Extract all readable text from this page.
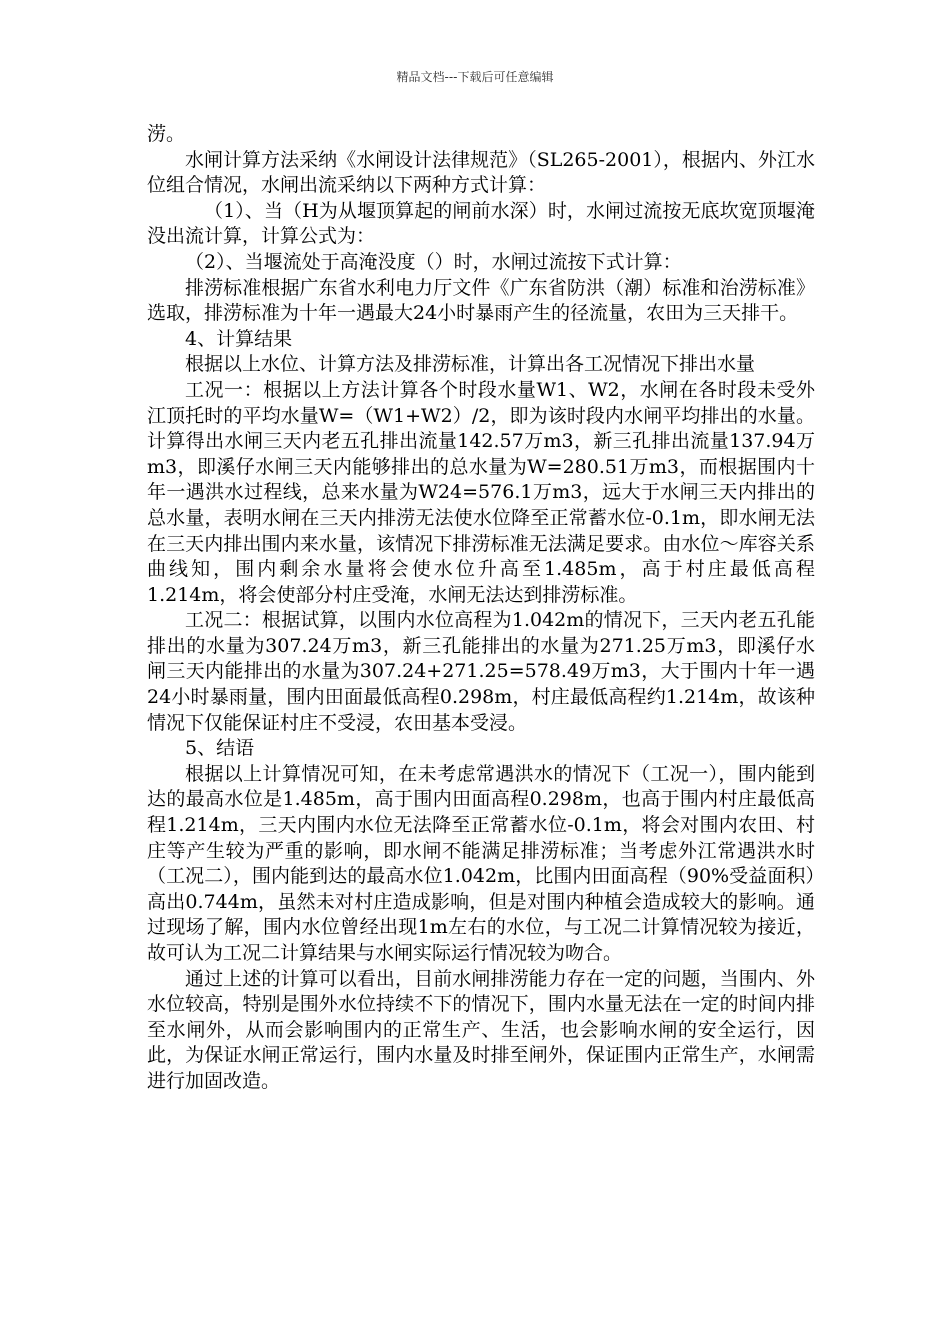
精品文档---下载后可任意编辑

涝。

水闸计算方法采纳《水闸设计法律规范》（SL265-2001），根据内、外江水位组合情况，水闸出流采纳以下两种方式计算：

（1）、当（H为从堰顶算起的闸前水深）时，水闸过流按无底坎宽顶堰淹没出流计算，计算公式为：

（2）、当堰流处于高淹没度（）时，水闸过流按下式计算：

排涝标准根据广东省水利电力厅文件《广东省防洪（潮）标准和治涝标准》选取，排涝标准为十年一遇最大24小时暴雨产生的径流量，农田为三天排干。

4、计算结果

根据以上水位、计算方法及排涝标准，计算出各工况情况下排出水量

工况一：根据以上方法计算各个时段水量W1、W2，水闸在各时段未受外江顶托时的平均水量W=（W1+W2）/2，即为该时段内水闸平均排出的水量。计算得出水闸三天内老五孔排出流量142.57万m3，新三孔排出流量137.94万m3，即溪仔水闸三天内能够排出的总水量为W=280.51万m3，而根据围内十年一遇洪水过程线，总来水量为W24=576.1万m3，远大于水闸三天内排出的总水量，表明水闸在三天内排涝无法使水位降至正常蓄水位-0.1m，即水闸无法在三天内排出围内来水量，该情况下排涝标准无法满足要求。由水位～库容关系曲线知，围内剩余水量将会使水位升高至1.485m，高于村庄最低高程1.214m，将会使部分村庄受淹，水闸无法达到排涝标准。

工况二：根据试算，以围内水位高程为1.042m的情况下，三天内老五孔能排出的水量为307.24万m3，新三孔能排出的水量为271.25万m3，即溪仔水闸三天内能排出的水量为307.24+271.25=578.49万m3，大于围内十年一遇24小时暴雨量，围内田面最低高程0.298m，村庄最低高程约1.214m，故该种情况下仅能保证村庄不受浸，农田基本受浸。

5、结语

根据以上计算情况可知，在未考虑常遇洪水的情况下（工况一），围内能到达的最高水位是1.485m，高于围内田面高程0.298m，也高于围内村庄最低高程1.214m，三天内围内水位无法降至正常蓄水位-0.1m，将会对围内农田、村庄等产生较为严重的影响，即水闸不能满足排涝标准；当考虑外江常遇洪水时（工况二），围内能到达的最高水位1.042m，比围内田面高程（90%受益面积）高出0.744m，虽然未对村庄造成影响，但是对围内种植会造成较大的影响。通过现场了解，围内水位曾经出现1m左右的水位，与工况二计算情况较为接近，故可认为工况二计算结果与水闸实际运行情况较为吻合。

通过上述的计算可以看出，目前水闸排涝能力存在一定的问题，当围内、外水位较高，特别是围外水位持续不下的情况下，围内水量无法在一定的时间内排至水闸外，从而会影响围内的正常生产、生活，也会影响水闸的安全运行，因此，为保证水闸正常运行，围内水量及时排至闸外，保证围内正常生产，水闸需进行加固改造。
